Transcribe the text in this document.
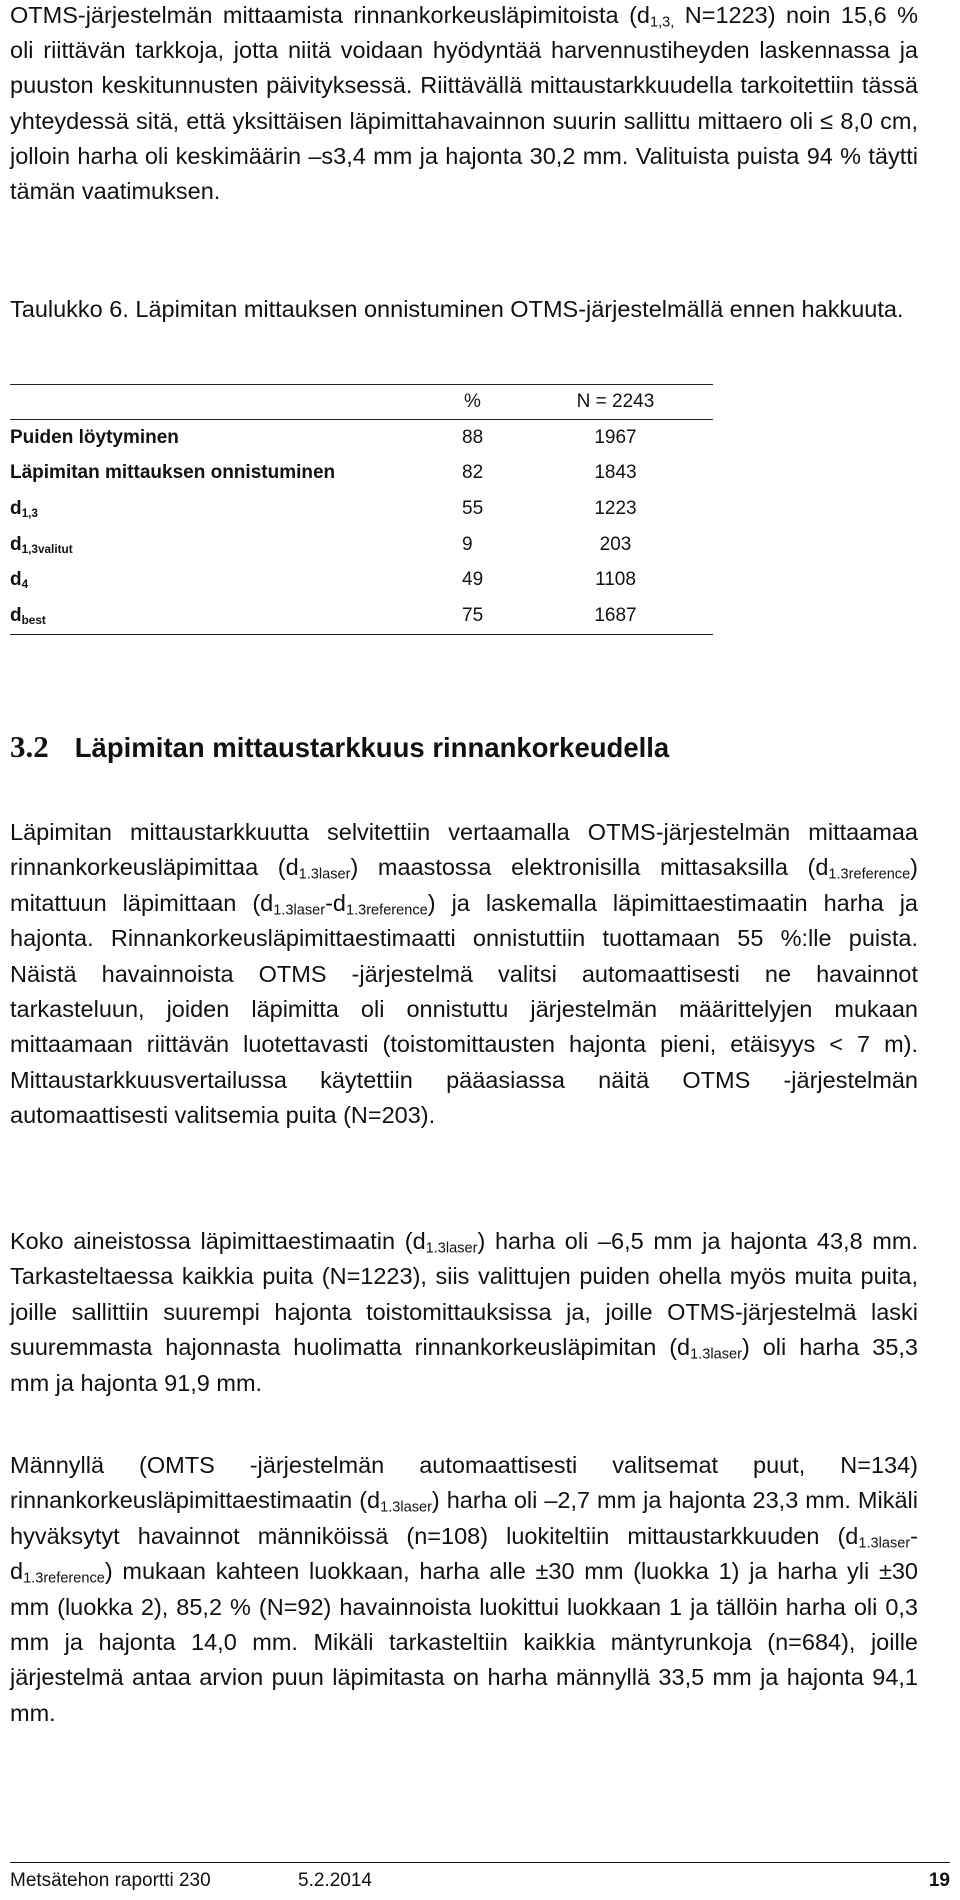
OTMS-järjestelmän mittaamista rinnankorkeusläpimitoista ($d_{1,3,}$ N=1223) noin 15,6 % oli riittävän tarkkoja, jotta niitä voidaan hyödyntää harvennustiheyden laskennassa ja puuston keskitunnusten päivityksessä. Riittävällä mittaustarkkuudella tarkoitettiin tässä yhteydessä sitä, että yksittäisen läpimittahavainnon suurin sallittu mittaero oli ≤ 8,0 cm, jolloin harha oli keskimäärin –s3,4 mm ja hajonta 30,2 mm. Valituista puista 94 % täytti tämän vaatimuksen.

Taulukko 6. Läpimitan mittauksen onnistuminen OTMS-järjestelmällä ennen hakkuuta.

	%	N = 2243
Puiden löytyminen	88	1967
Läpimitan mittauksen onnistuminen	82	1843
$d_{1,3}$	55	1223
$d_{1,3valitut}$	9	203
$d_4$	49	1108
$d_{best}$	75	1687
3.2 Läpimitan mittaustarkkuus rinnankorkeudella

Läpimitan mittaustarkkuutta selvitettiin vertaamalla OTMS-järjestelmän mittaamaa rinnankorkeusläpimittaa $(d_{1.3laser})$ maastossa elektronisilla mittasaksilla $(d_{1.3reference})$ mitattuun läpimittaan $(d_{1.3laser}-d_{1.3reference})$ ja laskemalla läpimittaestimaatin harha ja hajonta. Rinnankorkeusläpimittaestimaatti onnistuttiin tuottamaan 55 %:lle puista. Näistä havainnoista OTMS -järjestelmä valitsi automaattisesti ne havainnot tarkasteluun, joiden läpimitta oli onnistuttu järjestelmän määrittelyjen mukaan mittaamaan riittävän luotettavasti (toistomittausten hajonta pieni, etäisyys < 7 m). Mittaustarkkuusvertailussa käytettiin pääasiassa näitä OTMS -järjestelmän automaattisesti valitsemia puita (N=203).

Koko aineistossa läpimittaestimaatin $(d_{1.3laser})$ harha oli –6,5 mm ja hajonta 43,8 mm. Tarkasteltaessa kaikkia puita (N=1223), siis valittujen puiden ohella myös muita puita, joille sallittiin suurempi hajonta toistomittauksissa ja, joille OTMS-järjestelmä laski suuremmasta hajonnasta huolimatta rinnankorkeusläpimitan $(d_{1.3laser})$ oli harha 35,3 mm ja hajonta 91,9 mm.

Männyllä (OMTS -järjestelmän automaattisesti valitsemat puut, N=134) rinnankorkeusläpimittaestimaatin $(d_{1.3laser})$ harha oli –2,7 mm ja hajonta 23,3 mm. Mikäli hyväksytyt havainnot männiköissä (n=108) luokiteltiin mittaustarkkuuden $(d_{1.3laser}-d_{1.3reference})$ mukaan kahteen luokkaan, harha alle ±30 mm (luokka 1) ja harha yli ±30 mm (luokka 2), 85,2 % (N=92) havainnoista luokittui luokkaan 1 ja tällöin harha oli 0,3 mm ja hajonta 14,0 mm. Mikäli tarkasteltiin kaikkia mäntyrunkoja (n=684), joille järjestelmä antaa arvion puun läpimitasta on harha männyllä 33,5 mm ja hajonta 94,1 mm.

Metsätehon raportti 230	5.2.2014	19
